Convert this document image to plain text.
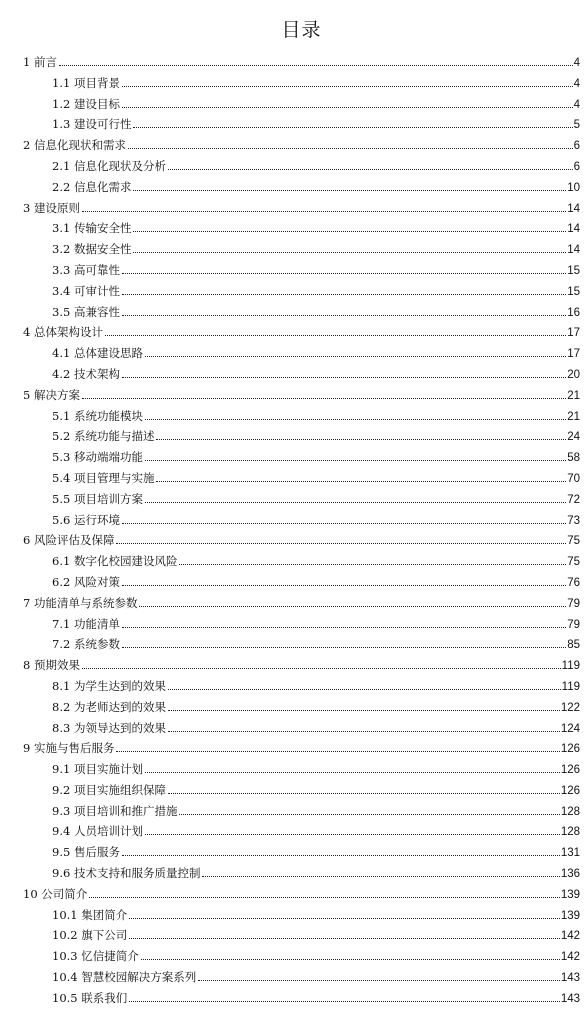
目录
1 前言	4
1.1 项目背景	4
1.2 建设目标	4
1.3 建设可行性	5
2 信息化现状和需求	6
2.1 信息化现状及分析	6
2.2 信息化需求	10
3 建设原则	14
3.1 传输安全性	14
3.2 数据安全性	14
3.3 高可靠性	15
3.4 可审计性	15
3.5 高兼容性	16
4 总体架构设计	17
4.1 总体建设思路	17
4.2 技术架构	20
5 解决方案	21
5.1 系统功能模块	21
5.2 系统功能与描述	24
5.3 移动端端功能	58
5.4 项目管理与实施	70
5.5 项目培训方案	72
5.6 运行环境	73
6 风险评估及保障	75
6.1 数字化校园建设风险	75
6.2 风险对策	76
7 功能清单与系统参数	79
7.1 功能清单	79
7.2 系统参数	85
8 预期效果	119
8.1 为学生达到的效果	119
8.2 为老师达到的效果	122
8.3 为领导达到的效果	124
9 实施与售后服务	126
9.1 项目实施计划	126
9.2 项目实施组织保障	126
9.3 项目培训和推广措施	128
9.4 人员培训计划	128
9.5 售后服务	131
9.6 技术支持和服务质量控制	136
10 公司简介	139
10.1 集团简介	139
10.2 旗下公司	142
10.3 忆信捷简介	142
10.4 智慧校园解决方案系列	143
10.5 联系我们	143
